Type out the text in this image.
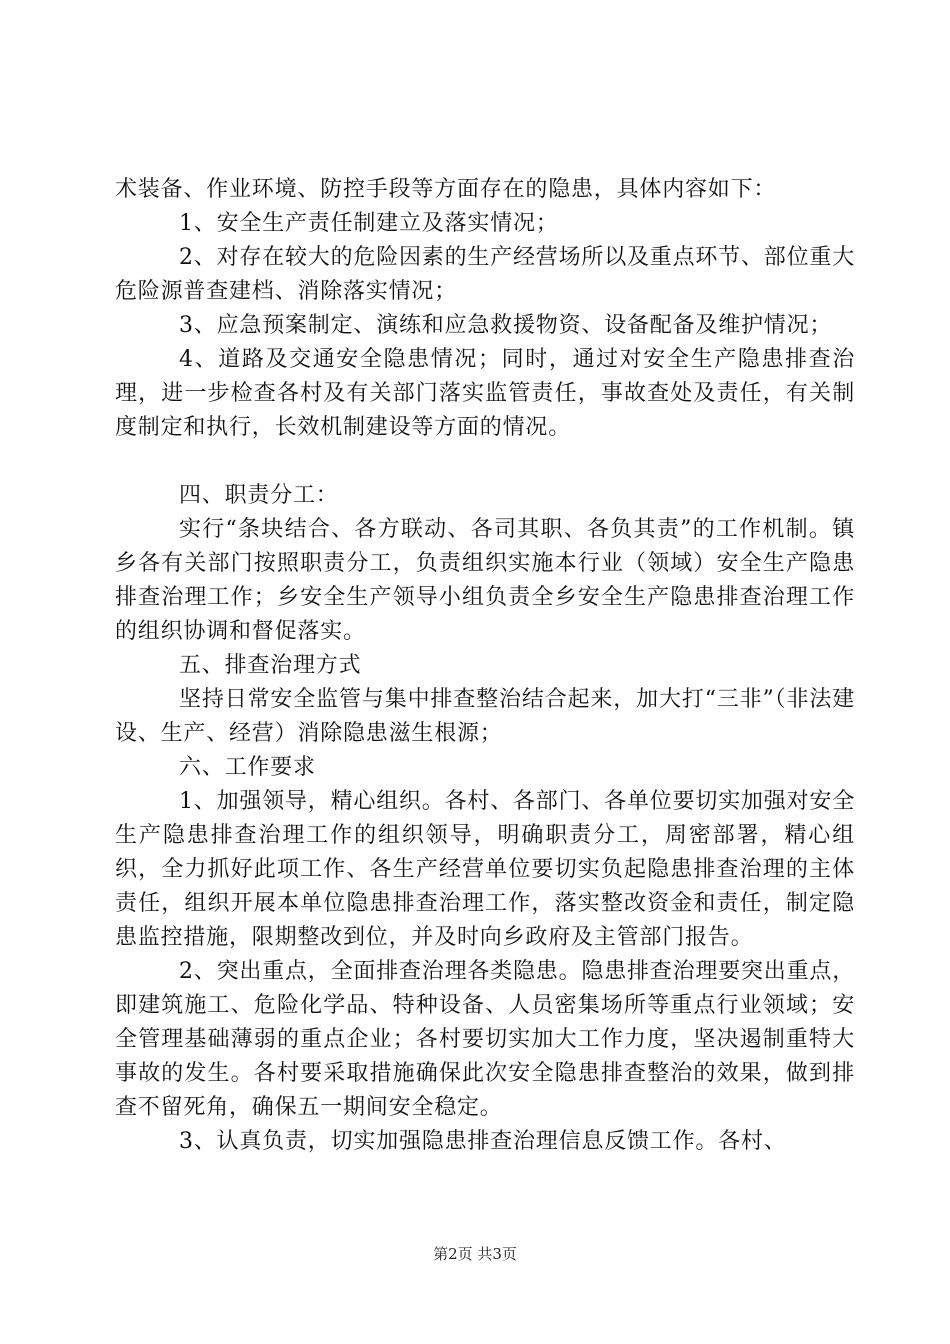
术装备、作业环境、防控手段等方面存在的隐患，具体内容如下：

1、安全生产责任制建立及落实情况；

2、对存在较大的危险因素的生产经营场所以及重点环节、部位重大危险源普查建档、消除落实情况；

3、应急预案制定、演练和应急救援物资、设备配备及维护情况；

4、道路及交通安全隐患情况；同时，通过对安全生产隐患排查治理，进一步检查各村及有关部门落实监管责任，事故查处及责任，有关制度制定和执行，长效机制建设等方面的情况。

四、职责分工：

实行“条块结合、各方联动、各司其职、各负其责”的工作机制。镇乡各有关部门按照职责分工，负责组织实施本行业（领域）安全生产隐患排查治理工作；乡安全生产领导小组负责全乡安全生产隐患排查治理工作的组织协调和督促落实。

五、排查治理方式

坚持日常安全监管与集中排查整治结合起来，加大打“三非”（非法建设、生产、经营）消除隐患滋生根源；

六、工作要求

1、加强领导，精心组织。各村、各部门、各单位要切实加强对安全生产隐患排查治理工作的组织领导，明确职责分工，周密部署，精心组织，全力抓好此项工作、各生产经营单位要切实负起隐患排查治理的主体责任，组织开展本单位隐患排查治理工作，落实整改资金和责任，制定隐患监控措施，限期整改到位，并及时向乡政府及主管部门报告。

2、突出重点，全面排查治理各类隐患。隐患排查治理要突出重点，即建筑施工、危险化学品、特种设备、人员密集场所等重点行业领域；安全管理基础薄弱的重点企业；各村要切实加大工作力度，坚决遏制重特大事故的发生。各村要采取措施确保此次安全隐患排查整治的效果，做到排查不留死角，确保五一期间安全稳定。

3、认真负责，切实加强隐患排查治理信息反馈工作。各村、

第2页 共3页
